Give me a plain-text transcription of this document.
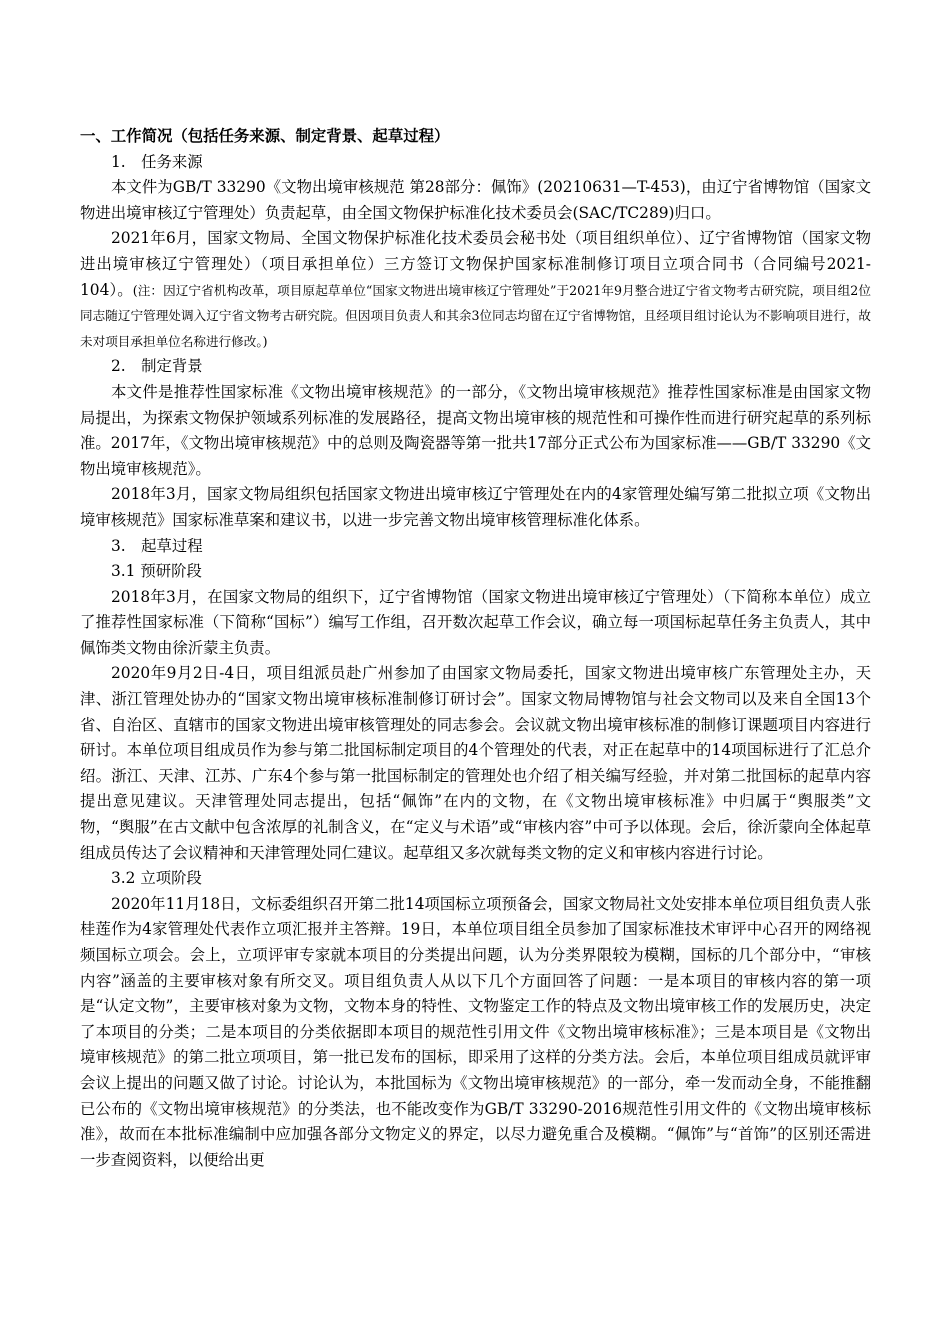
一、工作简况（包括任务来源、制定背景、起草过程）

1.　任务来源

本文件为GB/T 33290《文物出境审核规范 第28部分：佩饰》(20210631—T-453)，由辽宁省博物馆（国家文物进出境审核辽宁管理处）负责起草，由全国文物保护标准化技术委员会(SAC/TC289)归口。

2021年6月，国家文物局、全国文物保护标准化技术委员会秘书处（项目组织单位）、辽宁省博物馆（国家文物进出境审核辽宁管理处）（项目承担单位）三方签订文物保护国家标准制修订项目立项合同书（合同编号2021-104）。(注：因辽宁省机构改革，项目原起草单位“国家文物进出境审核辽宁管理处”于2021年9月整合进辽宁省文物考古研究院，项目组2位同志随辽宁管理处调入辽宁省文物考古研究院。但因项目负责人和其余3位同志均留在辽宁省博物馆，且经项目组讨论认为不影响项目进行，故未对项目承担单位名称进行修改。)

2.　制定背景

本文件是推荐性国家标准《文物出境审核规范》的一部分，《文物出境审核规范》推荐性国家标准是由国家文物局提出，为探索文物保护领域系列标准的发展路径，提高文物出境审核的规范性和可操作性而进行研究起草的系列标准。2017年，《文物出境审核规范》中的总则及陶瓷器等第一批共17部分正式公布为国家标准——GB/T 33290《文物出境审核规范》。

2018年3月，国家文物局组织包括国家文物进出境审核辽宁管理处在内的4家管理处编写第二批拟立项《文物出境审核规范》国家标准草案和建议书，以进一步完善文物出境审核管理标准化体系。

3.　起草过程

3.1 预研阶段

2018年3月，在国家文物局的组织下，辽宁省博物馆（国家文物进出境审核辽宁管理处）（下简称本单位）成立了推荐性国家标准（下简称“国标”）编写工作组，召开数次起草工作会议，确立每一项国标起草任务主负责人，其中佩饰类文物由徐沂蒙主负责。

2020年9月2日-4日，项目组派员赴广州参加了由国家文物局委托，国家文物进出境审核广东管理处主办，天津、浙江管理处协办的“国家文物出境审核标准制修订研讨会”。国家文物局博物馆与社会文物司以及来自全国13个省、自治区、直辖市的国家文物进出境审核管理处的同志参会。会议就文物出境审核标准的制修订课题项目内容进行研讨。本单位项目组成员作为参与第二批国标制定项目的4个管理处的代表，对正在起草中的14项国标进行了汇总介绍。浙江、天津、江苏、广东4个参与第一批国标制定的管理处也介绍了相关编写经验，并对第二批国标的起草内容提出意见建议。天津管理处同志提出，包括“佩饰”在内的文物，在《文物出境审核标准》中归属于“舆服类”文物，“舆服”在古文献中包含浓厚的礼制含义，在“定义与术语”或“审核内容”中可予以体现。会后，徐沂蒙向全体起草组成员传达了会议精神和天津管理处同仁建议。起草组又多次就每类文物的定义和审核内容进行讨论。

3.2 立项阶段

2020年11月18日，文标委组织召开第二批14项国标立项预备会，国家文物局社文处安排本单位项目组负责人张桂莲作为4家管理处代表作立项汇报并主答辩。19日，本单位项目组全员参加了国家标准技术审评中心召开的网络视频国标立项会。会上，立项评审专家就本项目的分类提出问题，认为分类界限较为模糊，国标的几个部分中，“审核内容”涵盖的主要审核对象有所交叉。项目组负责人从以下几个方面回答了问题：一是本项目的审核内容的第一项是“认定文物”，主要审核对象为文物，文物本身的特性、文物鉴定工作的特点及文物出境审核工作的发展历史，决定了本项目的分类；二是本项目的分类依据即本项目的规范性引用文件《文物出境审核标准》；三是本项目是《文物出境审核规范》的第二批立项项目，第一批已发布的国标，即采用了这样的分类方法。会后，本单位项目组成员就评审会议上提出的问题又做了讨论。讨论认为，本批国标为《文物出境审核规范》的一部分，牵一发而动全身，不能推翻已公布的《文物出境审核规范》的分类法，也不能改变作为GB/T 33290-2016规范性引用文件的《文物出境审核标准》，故而在本批标准编制中应加强各部分文物定义的界定，以尽力避免重合及模糊。“佩饰”与“首饰”的区别还需进一步查阅资料，以便给出更
